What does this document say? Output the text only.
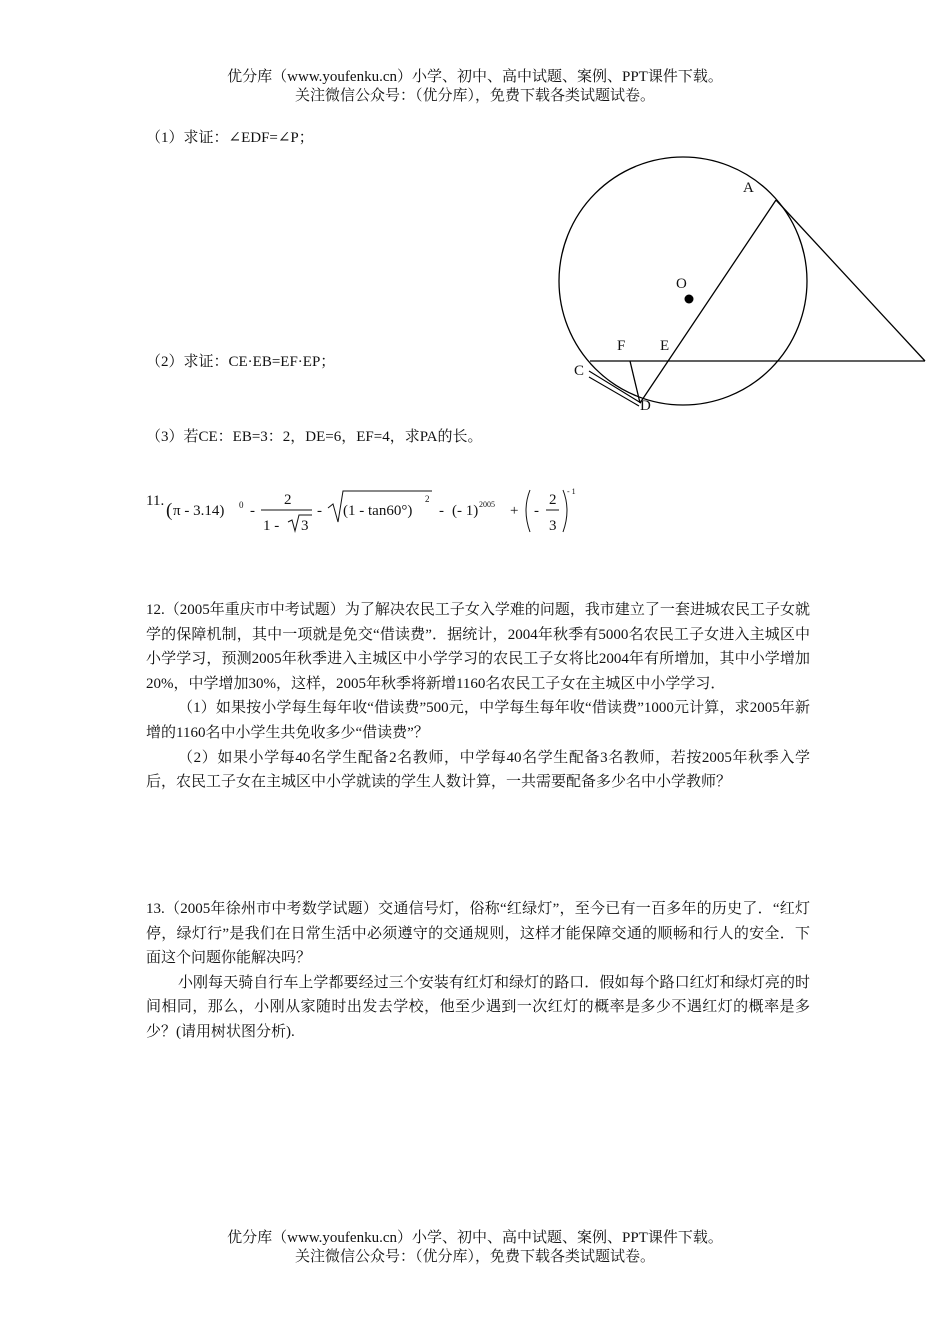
优分库（www.youfenku.cn）小学、初中、高中试题、案例、PPT课件下载。
关注微信公众号：（优分库），免费下载各类试题试卷。
（1）求证：∠EDF=∠P；
（2）求证：CE·EB=EF·EP；
（3）若CE：EB=3：2，DE=6，EF=4，求PA的长。
A
O
F E
C
D
11. ( π - 3.14) 0 -
2
1 - 3
- (1 - tan60°)
2
- (- 1) 2005 + -
2
3
- 1

12.（2005年重庆市中考试题）为了解决农民工子女入学难的问题，我市建立了一套进城农民工子女就学的保障机制，其中一项就是免交“借读费”．据统计，2004年秋季有5000名农民工子女进入主城区中小学学习，预测2005年秋季进入主城区中小学学习的农民工子女将比2004年有所增加，其中小学增加20%，中学增加30%，这样，2005年秋季将新增1160名农民工子女在主城区中小学学习．

（1）如果按小学每生每年收“借读费”500元，中学每生每年收“借读费”1000元计算，求2005年新增的1160名中小学生共免收多少“借读费”？

（2）如果小学每40名学生配备2名教师，中学每40名学生配备3名教师，若按2005年秋季入学后，农民工子女在主城区中小学就读的学生人数计算，一共需要配备多少名中小学教师？

13.（2005年徐州市中考数学试题）交通信号灯，俗称“红绿灯”，至今已有一百多年的历史了．“红灯停，绿灯行”是我们在日常生活中必须遵守的交通规则，这样才能保障交通的顺畅和行人的安全．下面这个问题你能解决吗？

小刚每天骑自行车上学都要经过三个安装有红灯和绿灯的路口．假如每个路口红灯和绿灯亮的时间相同，那么，小刚从家随时出发去学校，他至少遇到一次红灯的概率是多少不遇红灯的概率是多少？(请用树状图分析).

优分库（www.youfenku.cn）小学、初中、高中试题、案例、PPT课件下载。
关注微信公众号：（优分库），免费下载各类试题试卷。
